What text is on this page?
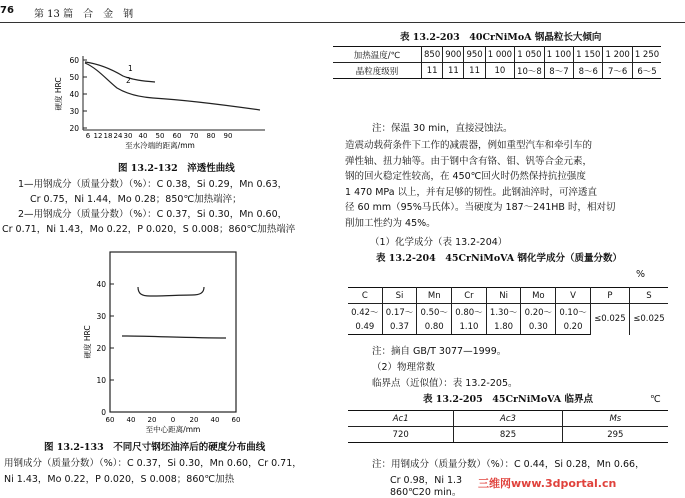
76 第 13 篇　合　金　钢
60
50
40
30
20
硬度 HRC
1
2
6 12 18 24 30 40 50 60 70 80 90
至水冷端的距离/mm
图 13.2-132　淬透性曲线
1—用钢成分（质量分数）（%）：C 0.38，Si 0.29，Mn 0.63，
Cr 0.75，Ni 1.44，Mo 0.28；850℃加热端淬；
2—用钢成分（质量分数）（%）：C 0.37，Si 0.30，Mn 0.60，
Cr 0.71，Ni 1.43，Mo 0.22，P 0.020，S 0.008；860℃加热端淬
40
30
20
10
0
硬度 HRC
60 40 20 0 20 40 60
至中心距离/mm
图 13.2-133　不同尺寸钢坯油淬后的硬度分布曲线
用钢成分（质量分数）（%）：C 0.37，Si 0.30，Mn 0.60，Cr 0.71，
Ni 1.43，Mo 0.22，P 0.020，S 0.008；860℃加热
表 13.2-203　40CrNiMoA 钢晶粒长大倾向
加热温度/℃	850	900	950	1 000	1 050	1 100	1 150	1 200	1 250
晶粒度级别	11	11	11	10	10～8	8～7	8～6	7～6	6～5
注：保温 30 min，直接浸蚀法。
造震动载荷条件下工作的减震器，例如重型汽车和牵引车的
弹性轴、扭力轴等。由于钢中含有铬、钼、钒等合金元素，
钢的回火稳定性较高，在 450℃回火时仍然保持抗拉强度
1 470 MPa 以上，并有足够的韧性。此钢油淬时，可淬透直
径 60 mm（95%马氏体）。当硬度为 187～241HB 时，相对切
削加工性约为 45%。
（1）化学成分（表 13.2-204）
表 13.2-204　45CrNiMoVA 钢化学成分（质量分数）
%
C	Si	Mn	Cr	Ni	Mo	V	P	S
0.42～	0.17～	0.50～	0.80～	1.30～	0.20～	0.10～	≤0.025	≤0.025
0.49	0.37	0.80	1.10	1.80	0.30	0.20		
注：摘自 GB/T 3077—1999。
（2）物理常数
临界点（近似值）：表 13.2-205。
表 13.2-205　45CrNiMoVA 临界点	℃
Ac1	Ac3	Ms
720	825	295
注：用钢成分（质量分数）（%）：C 0.44，Si 0.28，Mn 0.66，
Cr 0.98，Ni 1.3
860℃20 min。
三维网www.3dportal.cn
